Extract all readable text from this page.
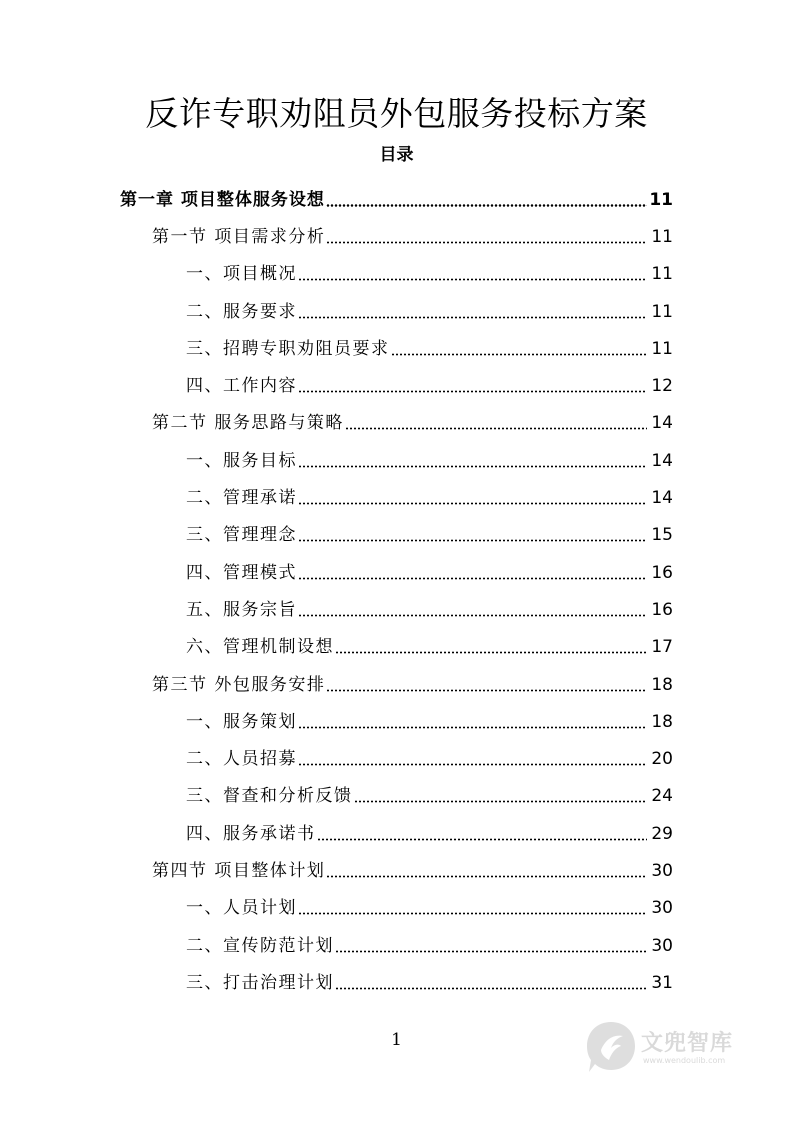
反诈专职劝阻员外包服务投标方案
目录
第一章 项目整体服务设想	11
第一节 项目需求分析	11
一、项目概况	11
二、服务要求	11
三、招聘专职劝阻员要求	11
四、工作内容	12
第二节 服务思路与策略	14
一、服务目标	14
二、管理承诺	14
三、管理理念	15
四、管理模式	16
五、服务宗旨	16
六、管理机制设想	17
第三节 外包服务安排	18
一、服务策划	18
二、人员招募	20
三、督查和分析反馈	24
四、服务承诺书	29
第四节 项目整体计划	30
一、人员计划	30
二、宣传防范计划	30
三、打击治理计划	31
1	文兜智库
www.wendoulib.com
